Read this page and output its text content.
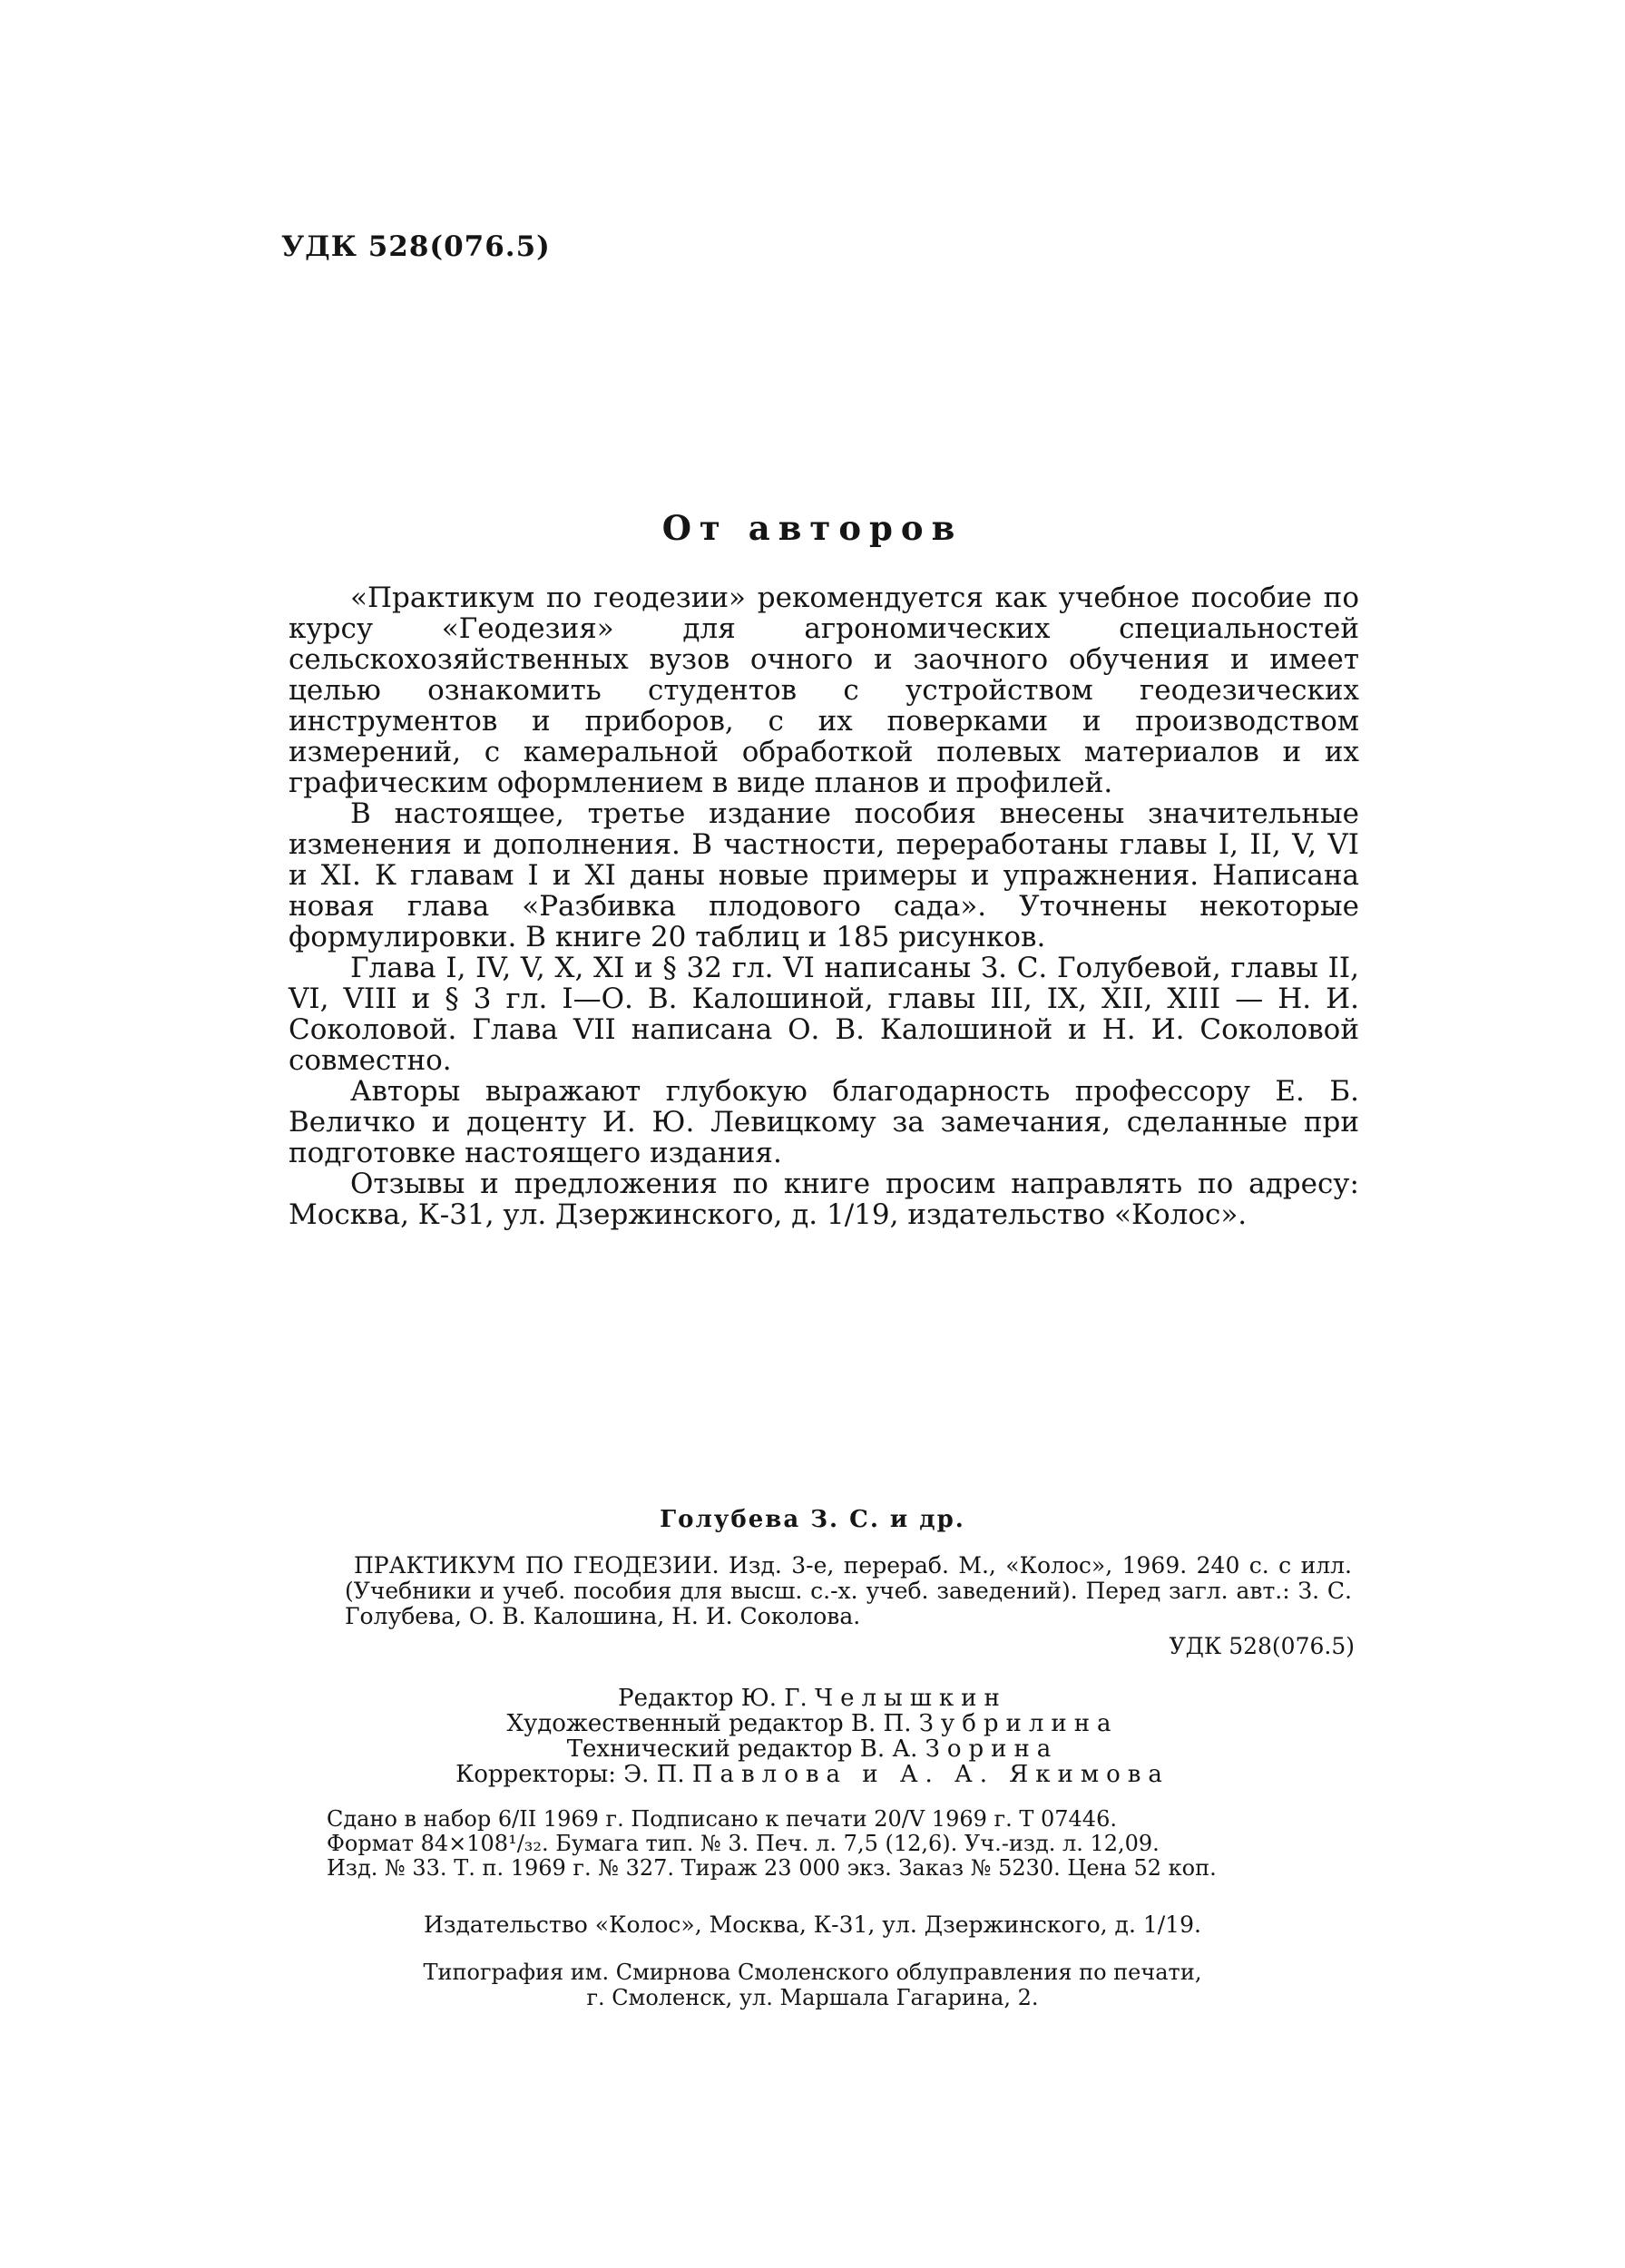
УДК 528(076.5)
От авторов

«Практикум по геодезии» рекомендуется как учебное пособие по курсу «Геодезия» для агрономических специальностей сельскохозяйственных вузов очного и заочного обучения и имеет целью ознакомить студентов с устройством геодезических инструментов и приборов, с их поверками и производством измерений, с камеральной обработкой полевых материалов и их графическим оформлением в виде планов и профилей.

В настоящее, третье издание пособия внесены значительные изменения и дополнения. В частности, переработаны главы I, II, V, VI и XI. К главам I и XI даны новые примеры и упражнения. Написана новая глава «Разбивка плодового сада». Уточнены некоторые формулировки. В книге 20 таблиц и 185 рисунков.

Глава I, IV, V, X, XI и § 32 гл. VI написаны З. С. Голубевой, главы II, VI, VIII и § 3 гл. I—О. В. Калошиной, главы III, IX, XII, XIII — Н. И. Соколовой. Глава VII написана О. В. Калошиной и Н. И. Соколовой совместно.

Авторы выражают глубокую благодарность профессору Е. Б. Величко и доценту И. Ю. Левицкому за замечания, сделанные при подготовке настоящего издания.

Отзывы и предложения по книге просим направлять по адресу: Москва, К-31, ул. Дзержинского, д. 1/19, издательство «Колос».

Голубева З. С. и др.

ПРАКТИКУМ ПО ГЕОДЕЗИИ. Изд. 3-е, перераб. М., «Колос», 1969. 240 с. с илл. (Учебники и учеб. пособия для высш. с.-х. учеб. заведений). Перед загл. авт.: З. С. Голубева, О. В. Калошина, Н. И. Соколова.

УДК 528(076.5)
Редактор Ю. Г. Челышкин
Художественный редактор В. П. Зубрилина
Технический редактор В. А. Зорина
Корректоры: Э. П. Павлова и А. А. Якимова
Сдано в набор 6/II 1969 г. Подписано к печати 20/V 1969 г. Т 07446.
Формат 84×108¹/₃₂. Бумага тип. № 3. Печ. л. 7,5 (12,6). Уч.-изд. л. 12,09.
Изд. № 33. Т. п. 1969 г. № 327. Тираж 23 000 экз. Заказ № 5230. Цена 52 коп.
Издательство «Колос», Москва, К-31, ул. Дзержинского, д. 1/19.
Типография им. Смирнова Смоленского облуправления по печати,
г. Смоленск, ул. Маршала Гагарина, 2.
